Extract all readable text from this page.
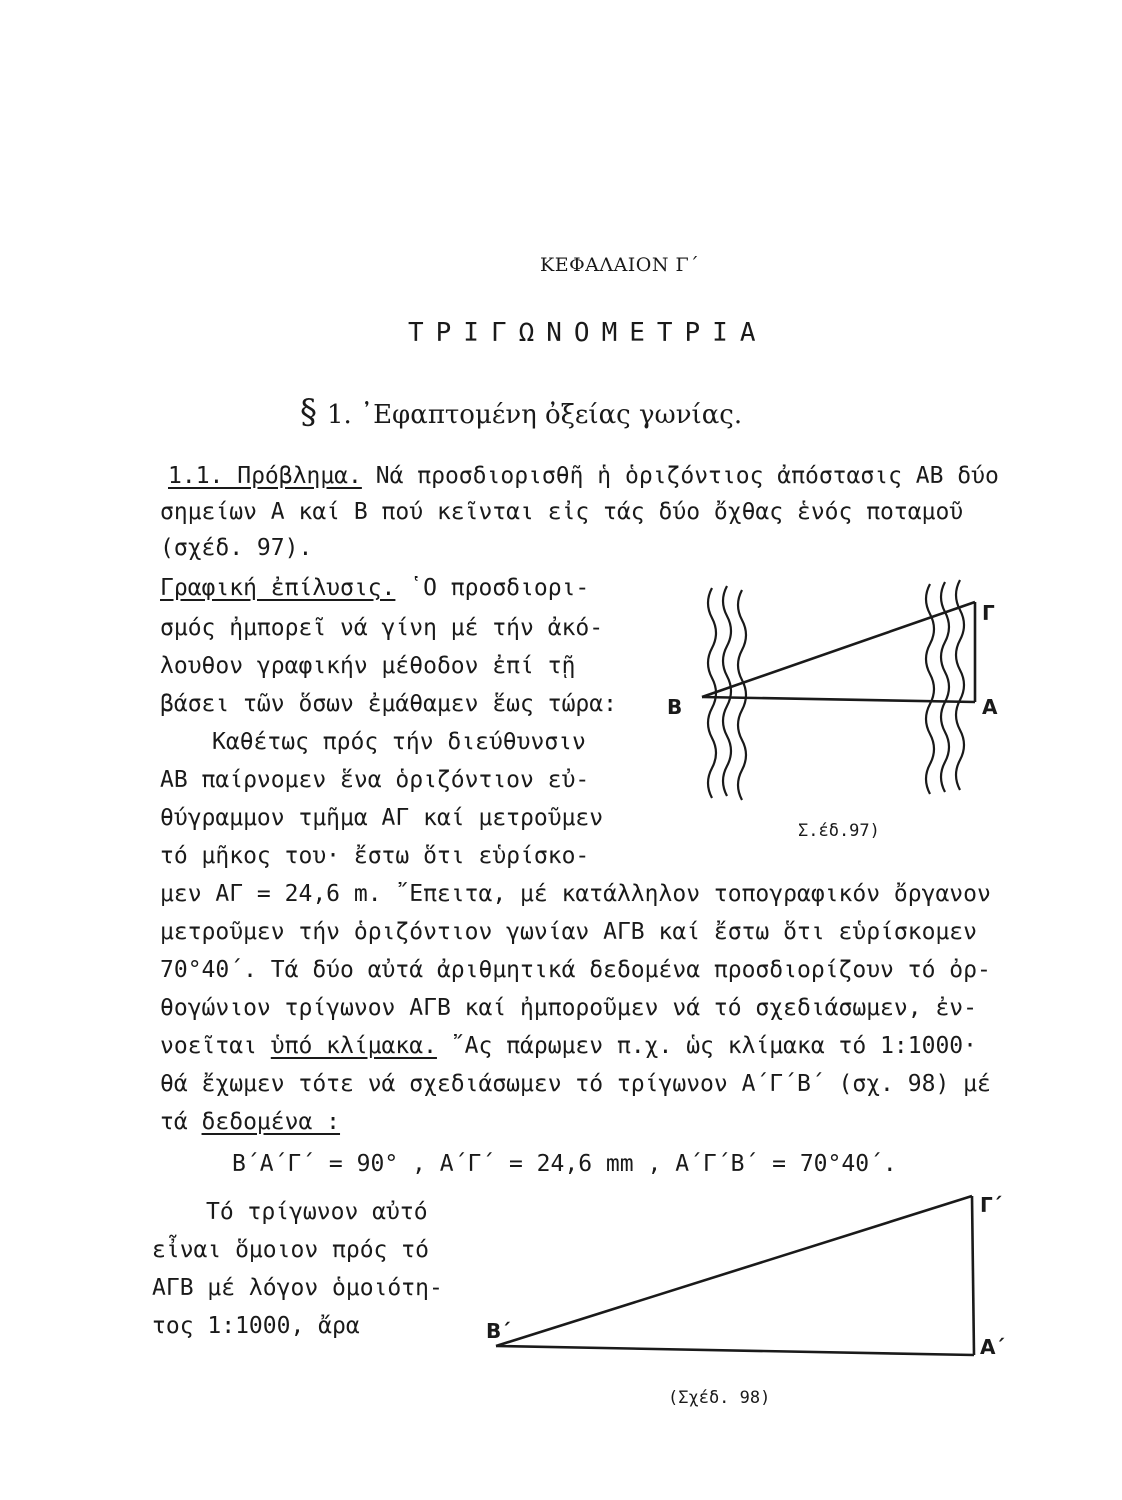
ΚΕΦΑΛΑΙΟΝ Γ΄
ΤΡΙΓΩΝΟΜΕΤΡΙΑ
§ 1. ᾿Εφαπτομένη ὀξείας γωνίας.
1.1. Πρόβλημα. Νά προσδιορισθῆ ἡ ὁριζόντιος ἀπόστασις ΑΒ δύο
σημείων Α καί Β πού κεῖνται εἰς τάς δύο ὄχθας ἑνός ποταμοῦ
(σχέδ. 97).
Γραφική ἐπίλυσις. ῾Ο προσδιορι-
σμός ἠμπορεῖ νά γίνη μέ τήν ἀκό-
λουθον γραφικήν μέθοδον ἐπί τῇ
βάσει τῶν ὅσων ἐμάθαμεν ἕως τώρα:
Καθέτως πρός τήν διεύθυνσιν
ΑΒ παίρνομεν ἕνα ὁριζόντιον εὐ-
θύγραμμον τμῆμα ΑΓ καί μετροῦμεν
τό μῆκος του· ἔστω ὅτι εὑρίσκο-
μεν ΑΓ = 24,6 m. ῎Επειτα, μέ κατάλληλον τοπογραφικόν ὄργανον
μετροῦμεν τήν ὁριζόντιον γωνίαν ΑΓΒ καί ἔστω ὅτι εὑρίσκομεν
70°40΄. Τά δύο αὐτά ἀριθμητικά δεδομένα προσδιορίζουν τό ὀρ-
θογώνιον τρίγωνον ΑΓΒ καί ἠμποροῦμεν νά τό σχεδιάσωμεν, ἐν-
νοεῖται ὑπό κλίμακα. ῎Ας πάρωμεν π.χ. ὡς κλίμακα τό 1:1000·
θά ἔχωμεν τότε νά σχεδιάσωμεν τό τρίγωνον Α΄Γ΄Β΄ (σχ. 98) μέ
τά δεδομένα :
Β΄Α΄Γ΄ = 90° , Α΄Γ΄ = 24,6 mm , Α΄Γ΄Β΄ = 70°40΄.
Τό τρίγωνον αὐτό
εἶναι ὅμοιον πρός τό
ΑΓΒ μέ λόγον ὁμοιότη-
τος 1:1000, ἄρα
Β	Α
Γ
Σ.έδ.97)
Β΄
Α΄
Γ΄
(Σχέδ. 98)
